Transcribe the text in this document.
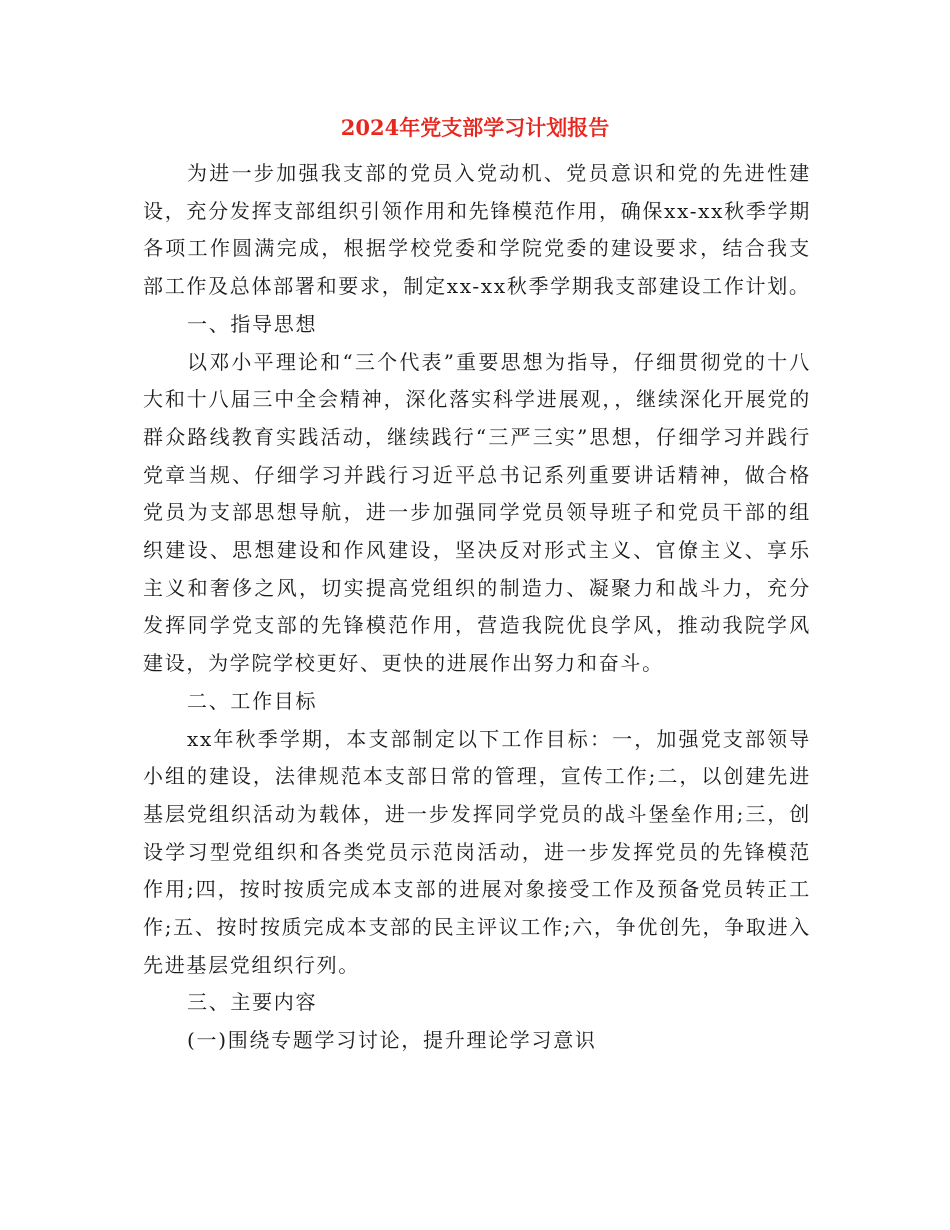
2024年党支部学习计划报告

为进一步加强我支部的党员入党动机、党员意识和党的先进性建设，充分发挥支部组织引领作用和先锋模范作用，确保xx-xx秋季学期各项工作圆满完成，根据学校党委和学院党委的建设要求，结合我支部工作及总体部署和要求，制定xx-xx秋季学期我支部建设工作计划。

一、指导思想

以邓小平理论和“三个代表”重要思想为指导，仔细贯彻党的十八大和十八届三中全会精神，深化落实科学进展观，，继续深化开展党的群众路线教育实践活动，继续践行“三严三实”思想，仔细学习并践行党章当规、仔细学习并践行习近平总书记系列重要讲话精神，做合格党员为支部思想导航，进一步加强同学党员领导班子和党员干部的组织建设、思想建设和作风建设，坚决反对形式主义、官僚主义、享乐主义和奢侈之风，切实提高党组织的制造力、凝聚力和战斗力，充分发挥同学党支部的先锋模范作用，营造我院优良学风，推动我院学风建设，为学院学校更好、更快的进展作出努力和奋斗。

二、工作目标

xx年秋季学期，本支部制定以下工作目标：一，加强党支部领导小组的建设，法律规范本支部日常的管理，宣传工作;二，以创建先进基层党组织活动为载体，进一步发挥同学党员的战斗堡垒作用;三，创设学习型党组织和各类党员示范岗活动，进一步发挥党员的先锋模范作用;四，按时按质完成本支部的进展对象接受工作及预备党员转正工作;五、按时按质完成本支部的民主评议工作;六，争优创先，争取进入先进基层党组织行列。

三、主要内容

(一)围绕专题学习讨论，提升理论学习意识
